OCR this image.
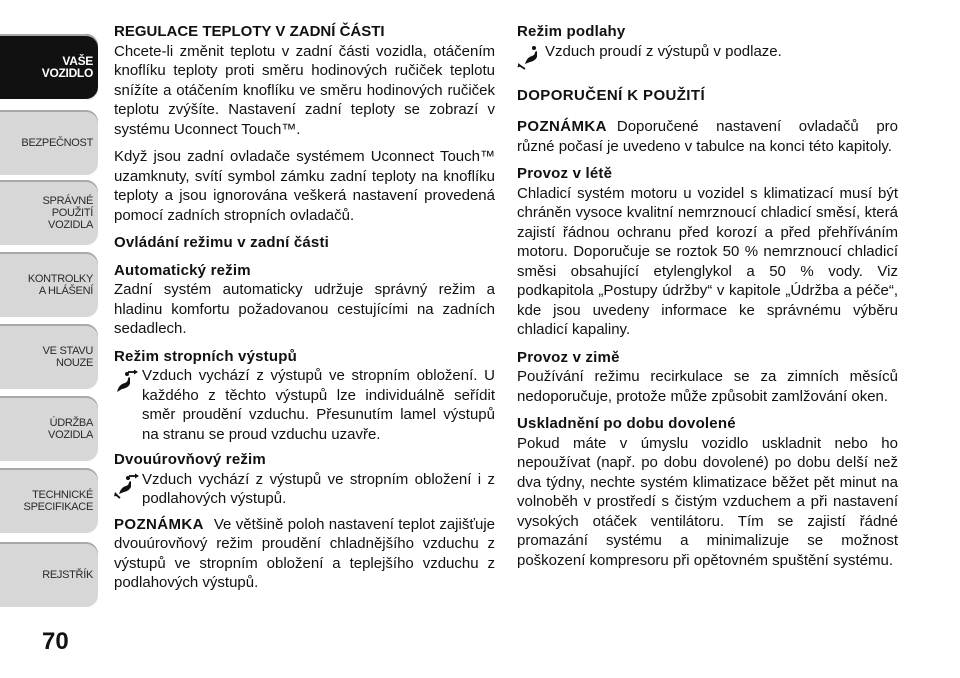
VAŠE
VOZIDLO
BEZPEČNOST
SPRÁVNÉ
POUŽITÍ
VOZIDLA
KONTROLKY
A HLÁŠENÍ
VE STAVU
NOUZE
ÚDRŽBA
VOZIDLA
TECHNICKÉ
SPECIFIKACE
REJSTŘÍK
70
REGULACE TEPLOTY V ZADNÍ ČÁSTI

Chcete-li změnit teplotu v zadní části vozidla, otáčením knoflíku teploty proti směru hodinových ručiček teplotu snížíte a otáčením knoflíku ve směru hodinových ručiček teplotu zvýšíte. Nastavení zadní teploty se zobrazí v systému Uconnect Touch™.

Když jsou zadní ovladače systémem Uconnect Touch™ uzamknuty, svítí symbol zámku zadní teploty na knoflíku teploty a jsou ignorována veškerá nastavení provedená pomocí zadních stropních ovladačů.

Ovládání režimu v zadní části
Automatický režim

Zadní systém automaticky udržuje správný režim a hladinu komfortu požadovanou cestujícími na zadních sedadlech.

Režim stropních výstupů
Vzduch vychází z výstupů ve stropním obložení. U každého z těchto výstupů lze individuálně seřídit směr proudění vzduchu. Přesunutím lamel výstupů na stranu se proud vzduchu uzavře.
Dvouúrovňový režim
Vzduch vychází z výstupů ve stropním obložení i z podlahových výstupů.

POZNÁMKA Ve většině poloh nastavení teplot zajišťuje dvouúrovňový režim proudění chladnějšího vzduchu z výstupů ve stropním obložení a teplejšího vzduchu z podlahových výstupů.

Režim podlahy
Vzduch proudí z výstupů v podlaze.
DOPORUČENÍ K POUŽITÍ

POZNÁMKA Doporučené nastavení ovladačů pro různé počasí je uvedeno v tabulce na konci této kapitoly.

Provoz v létě

Chladicí systém motoru u vozidel s klimatizací musí být chráněn vysoce kvalitní nemrznoucí chladicí směsí, která zajistí řádnou ochranu před korozí a před přehříváním motoru. Doporučuje se roztok 50 % nemrznoucí chladicí směsi obsahující etylenglykol a 50 % vody. Viz podkapitola „Postupy údržby“ v kapitole „Údržba a péče“, kde jsou uvedeny informace ke správnému výběru chladicí kapaliny.

Provoz v zimě

Používání režimu recirkulace se za zimních měsíců nedoporučuje, protože může způsobit zamlžování oken.

Uskladnění po dobu dovolené

Pokud máte v úmyslu vozidlo uskladnit nebo ho nepoužívat (např. po dobu dovolené) po dobu delší než dva týdny, nechte systém klimatizace běžet pět minut na volnoběh v prostředí s čistým vzduchem a při nastavení vysokých otáček ventilátoru. Tím se zajistí řádné promazání systému a minimalizuje se možnost poškození kompresoru při opětovném spuštění systému.
